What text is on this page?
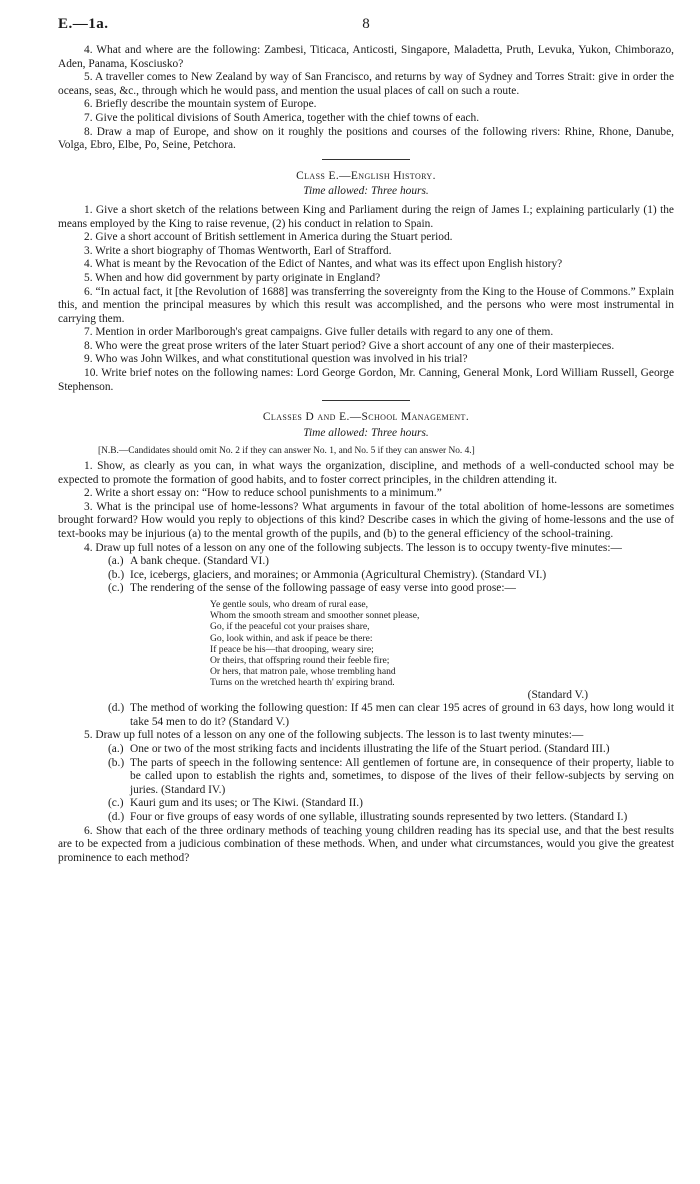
E.—1a.	8

4. What and where are the following: Zambesi, Titicaca, Anticosti, Singapore, Maladetta, Pruth, Levuka, Yukon, Chimborazo, Aden, Panama, Kosciusko?

5. A traveller comes to New Zealand by way of San Francisco, and returns by way of Sydney and Torres Strait: give in order the oceans, seas, &c., through which he would pass, and mention the usual places of call on such a route.

6. Briefly describe the mountain system of Europe.

7. Give the political divisions of South America, together with the chief towns of each.

8. Draw a map of Europe, and show on it roughly the positions and courses of the following rivers: Rhine, Rhone, Danube, Volga, Ebro, Elbe, Po, Seine, Petchora.

Class E.—English History.

Time allowed: Three hours.

1. Give a short sketch of the relations between King and Parliament during the reign of James I.; explaining particularly (1) the means employed by the King to raise revenue, (2) his conduct in relation to Spain.

2. Give a short account of British settlement in America during the Stuart period.

3. Write a short biography of Thomas Wentworth, Earl of Strafford.

4. What is meant by the Revocation of the Edict of Nantes, and what was its effect upon English history?

5. When and how did government by party originate in England?

6. “In actual fact, it [the Revolution of 1688] was transferring the sovereignty from the King to the House of Commons.” Explain this, and mention the principal measures by which this result was accomplished, and the persons who were most instrumental in carrying them.

7. Mention in order Marlborough's great campaigns. Give fuller details with regard to any one of them.

8. Who were the great prose writers of the later Stuart period? Give a short account of any one of their masterpieces.

9. Who was John Wilkes, and what constitutional question was involved in his trial?

10. Write brief notes on the following names: Lord George Gordon, Mr. Canning, General Monk, Lord William Russell, George Stephenson.

Classes D and E.—School Management.

Time allowed: Three hours.

[N.B.—Candidates should omit No. 2 if they can answer No. 1, and No. 5 if they can answer No. 4.]

1. Show, as clearly as you can, in what ways the organization, discipline, and methods of a well-conducted school may be expected to promote the formation of good habits, and to foster correct principles, in the children attending it.

2. Write a short essay on: “How to reduce school punishments to a minimum.”

3. What is the principal use of home-lessons? What arguments in favour of the total abolition of home-lessons are sometimes brought forward? How would you reply to objections of this kind? Describe cases in which the giving of home-lessons and the use of text-books may be injurious (a) to the mental growth of the pupils, and (b) to the general efficiency of the school-training.

4. Draw up full notes of a lesson on any one of the following subjects. The lesson is to occupy twenty-five minutes:—

(a.) A bank cheque. (Standard VI.)

(b.) Ice, icebergs, glaciers, and moraines; or Ammonia (Agricultural Chemistry). (Standard VI.)

(c.) The rendering of the sense of the following passage of easy verse into good prose:—

Ye gentle souls, who dream of rural ease,
Whom the smooth stream and smoother sonnet please,
Go, if the peaceful cot your praises share,
Go, look within, and ask if peace be there:
If peace be his—that drooping, weary sire;
Or theirs, that offspring round their feeble fire;
Or hers, that matron pale, whose trembling hand
Turns on the wretched hearth th' expiring brand.

(Standard V.)

(d.) The method of working the following question: If 45 men can clear 195 acres of ground in 63 days, how long would it take 54 men to do it? (Standard V.)

5. Draw up full notes of a lesson on any one of the following subjects. The lesson is to last twenty minutes:—

(a.) One or two of the most striking facts and incidents illustrating the life of the Stuart period. (Standard III.)

(b.) The parts of speech in the following sentence: All gentlemen of fortune are, in consequence of their property, liable to be called upon to establish the rights and, sometimes, to dispose of the lives of their fellow-subjects by serving on juries. (Standard IV.)

(c.) Kauri gum and its uses; or The Kiwi. (Standard II.)

(d.) Four or five groups of easy words of one syllable, illustrating sounds represented by two letters. (Standard I.)

6. Show that each of the three ordinary methods of teaching young children reading has its special use, and that the best results are to be expected from a judicious combination of these methods. When, and under what circumstances, would you give the greatest prominence to each method?
